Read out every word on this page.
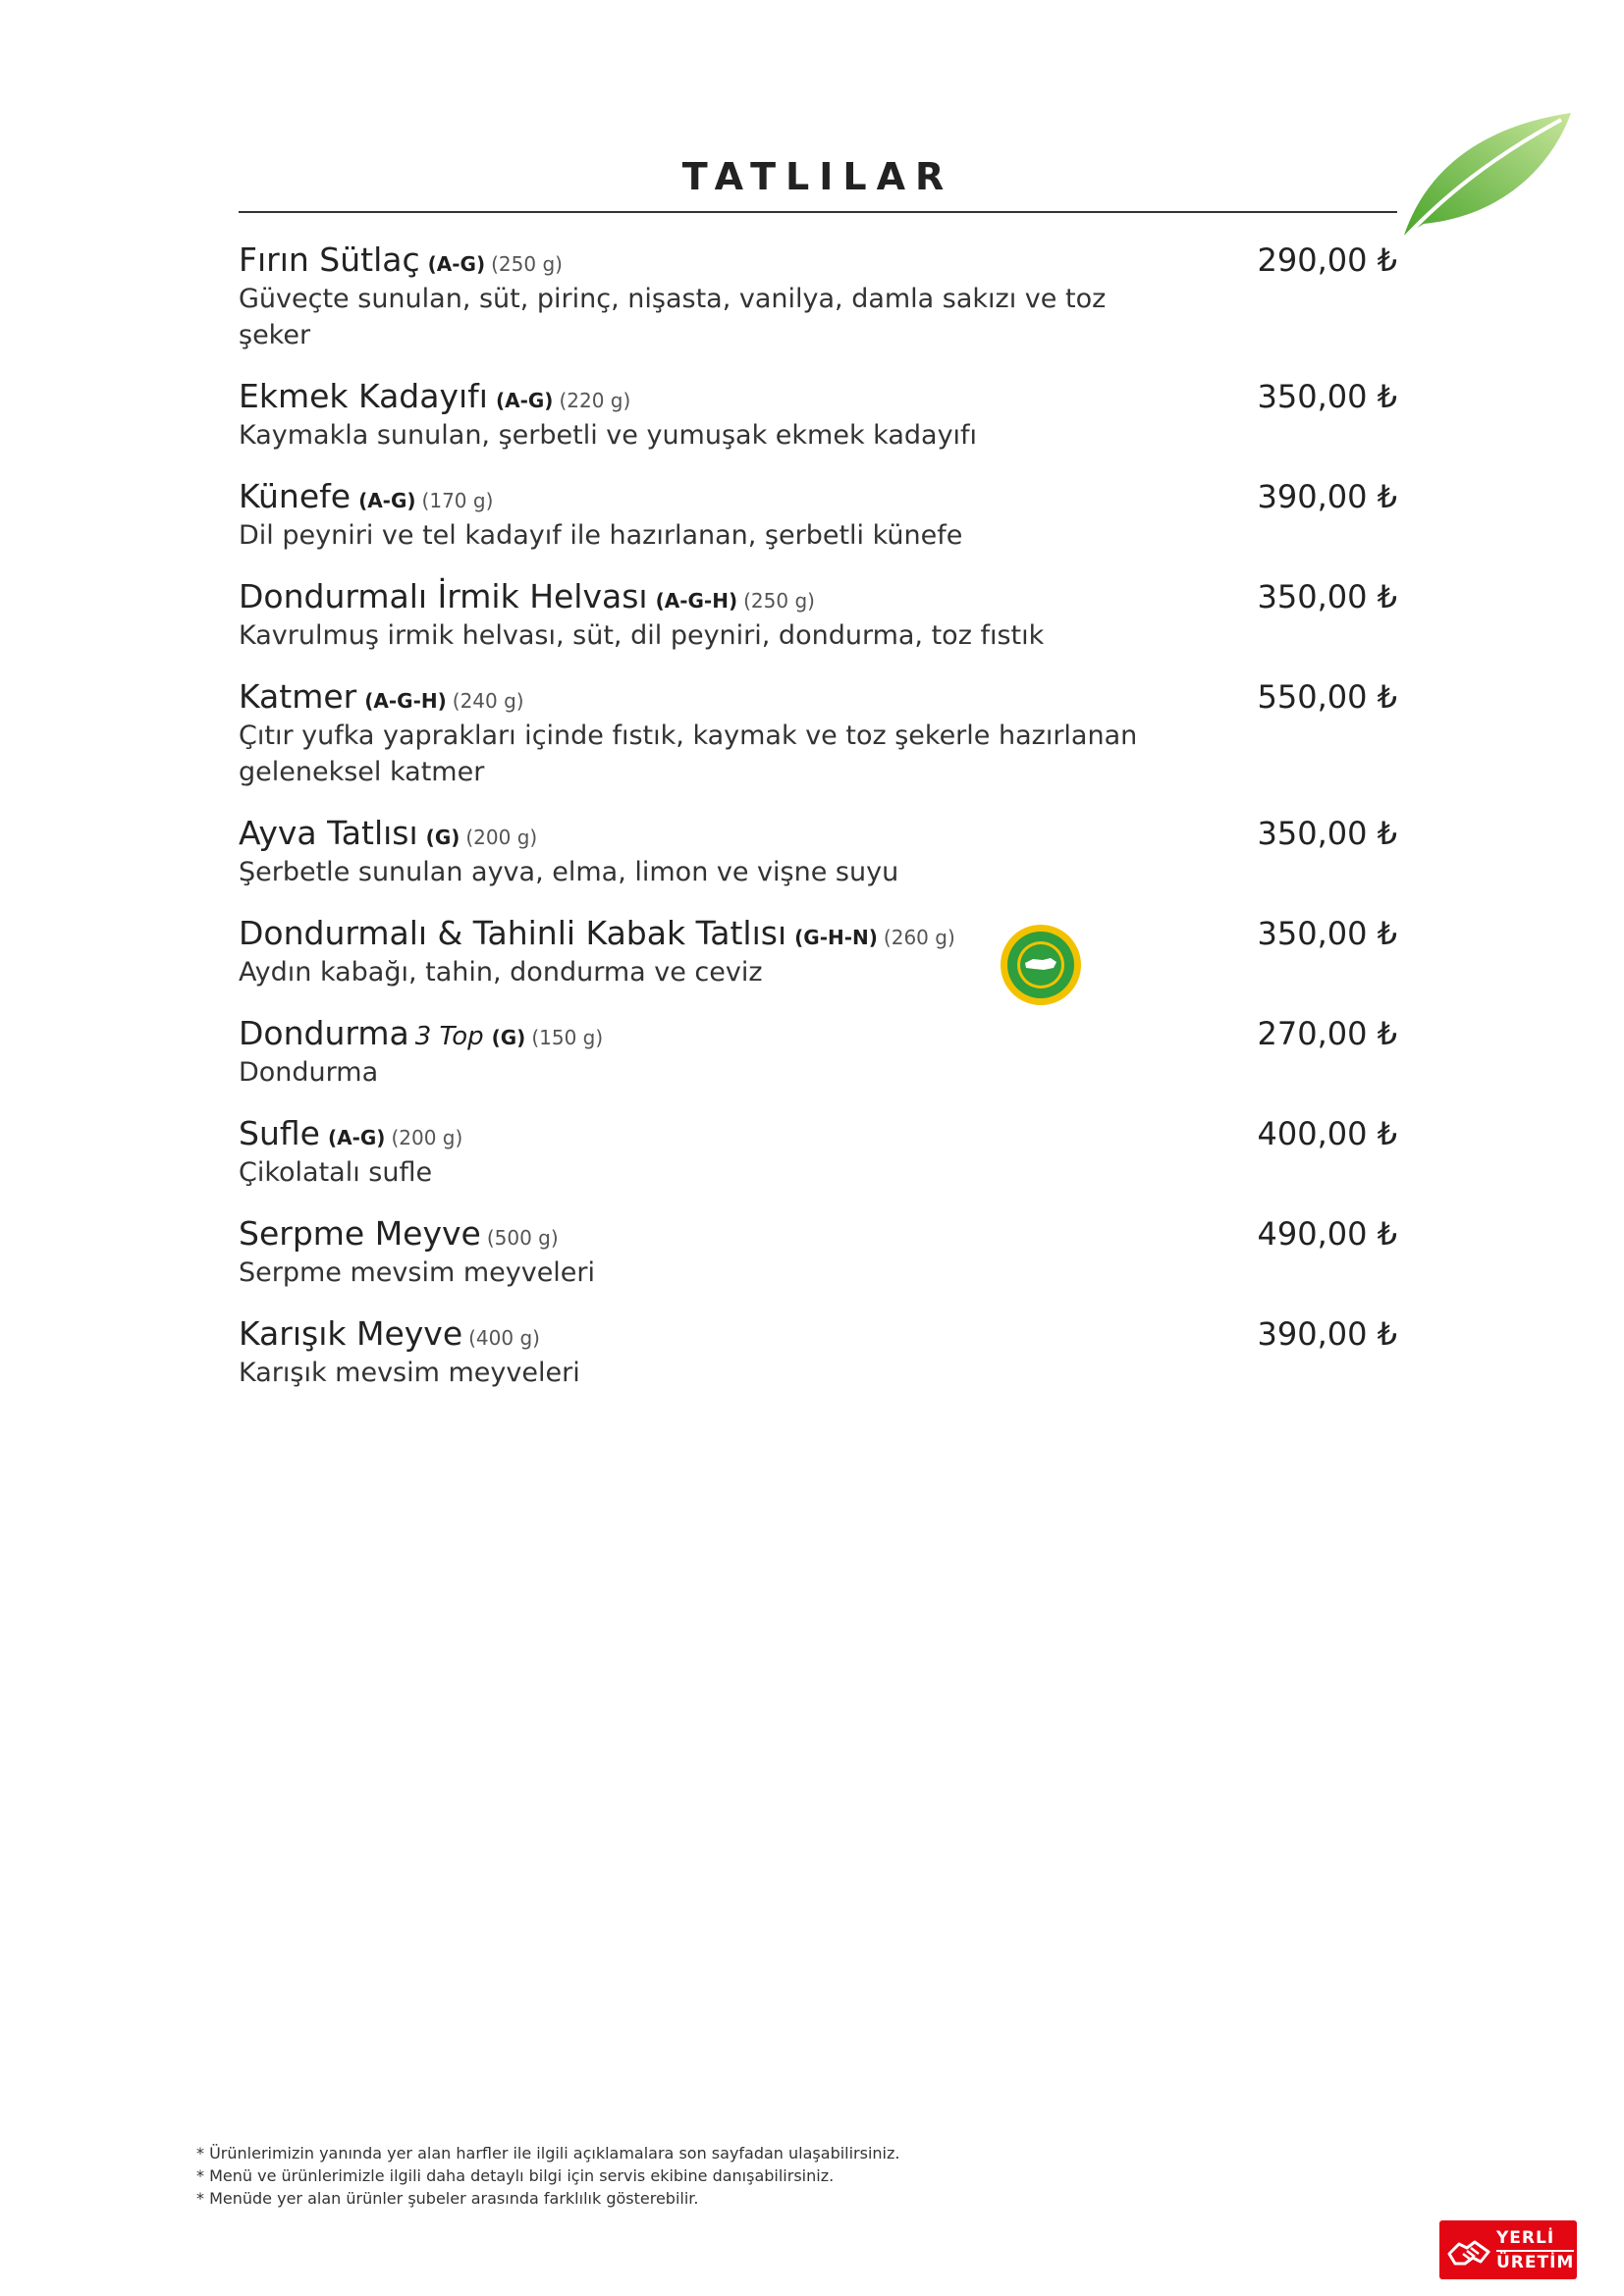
TATLILAR
Fırın Sütlaç (A-G) (250 g)	290,00 ₺
Güveçte sunulan, süt, pirinç, nişasta, vanilya, damla sakızı ve toz şeker
Ekmek Kadayıfı (A-G) (220 g)	350,00 ₺
Kaymakla sunulan, şerbetli ve yumuşak ekmek kadayıfı
Künefe (A-G) (170 g)	390,00 ₺
Dil peyniri ve tel kadayıf ile hazırlanan, şerbetli künefe
Dondurmalı İrmik Helvası (A-G-H) (250 g)	350,00 ₺
Kavrulmuş irmik helvası, süt, dil peyniri, dondurma, toz fıstık
Katmer (A-G-H) (240 g)	550,00 ₺
Çıtır yufka yaprakları içinde fıstık, kaymak ve toz şekerle hazırlanan geleneksel katmer
Ayva Tatlısı (G) (200 g)	350,00 ₺
Şerbetle sunulan ayva, elma, limon ve vişne suyu
Dondurmalı & Tahinli Kabak Tatlısı (G-H-N) (260 g)	350,00 ₺
Aydın kabağı, tahin, dondurma ve ceviz
Dondurma 3 Top (G) (150 g)	270,00 ₺
Dondurma
Sufle (A-G) (200 g)	400,00 ₺
Çikolatalı sufle
Serpme Meyve (500 g)	490,00 ₺
Serpme mevsim meyveleri
Karışık Meyve (400 g)	390,00 ₺
Karışık mevsim meyveleri
* Ürünlerimizin yanında yer alan harfler ile ilgili açıklamalara son sayfadan ulaşabilirsiniz.
* Menü ve ürünlerimizle ilgili daha detaylı bilgi için servis ekibine danışabilirsiniz.
* Menüde yer alan ürünler şubeler arasında farklılık gösterebilir.
YERLİ
ÜRETİM
